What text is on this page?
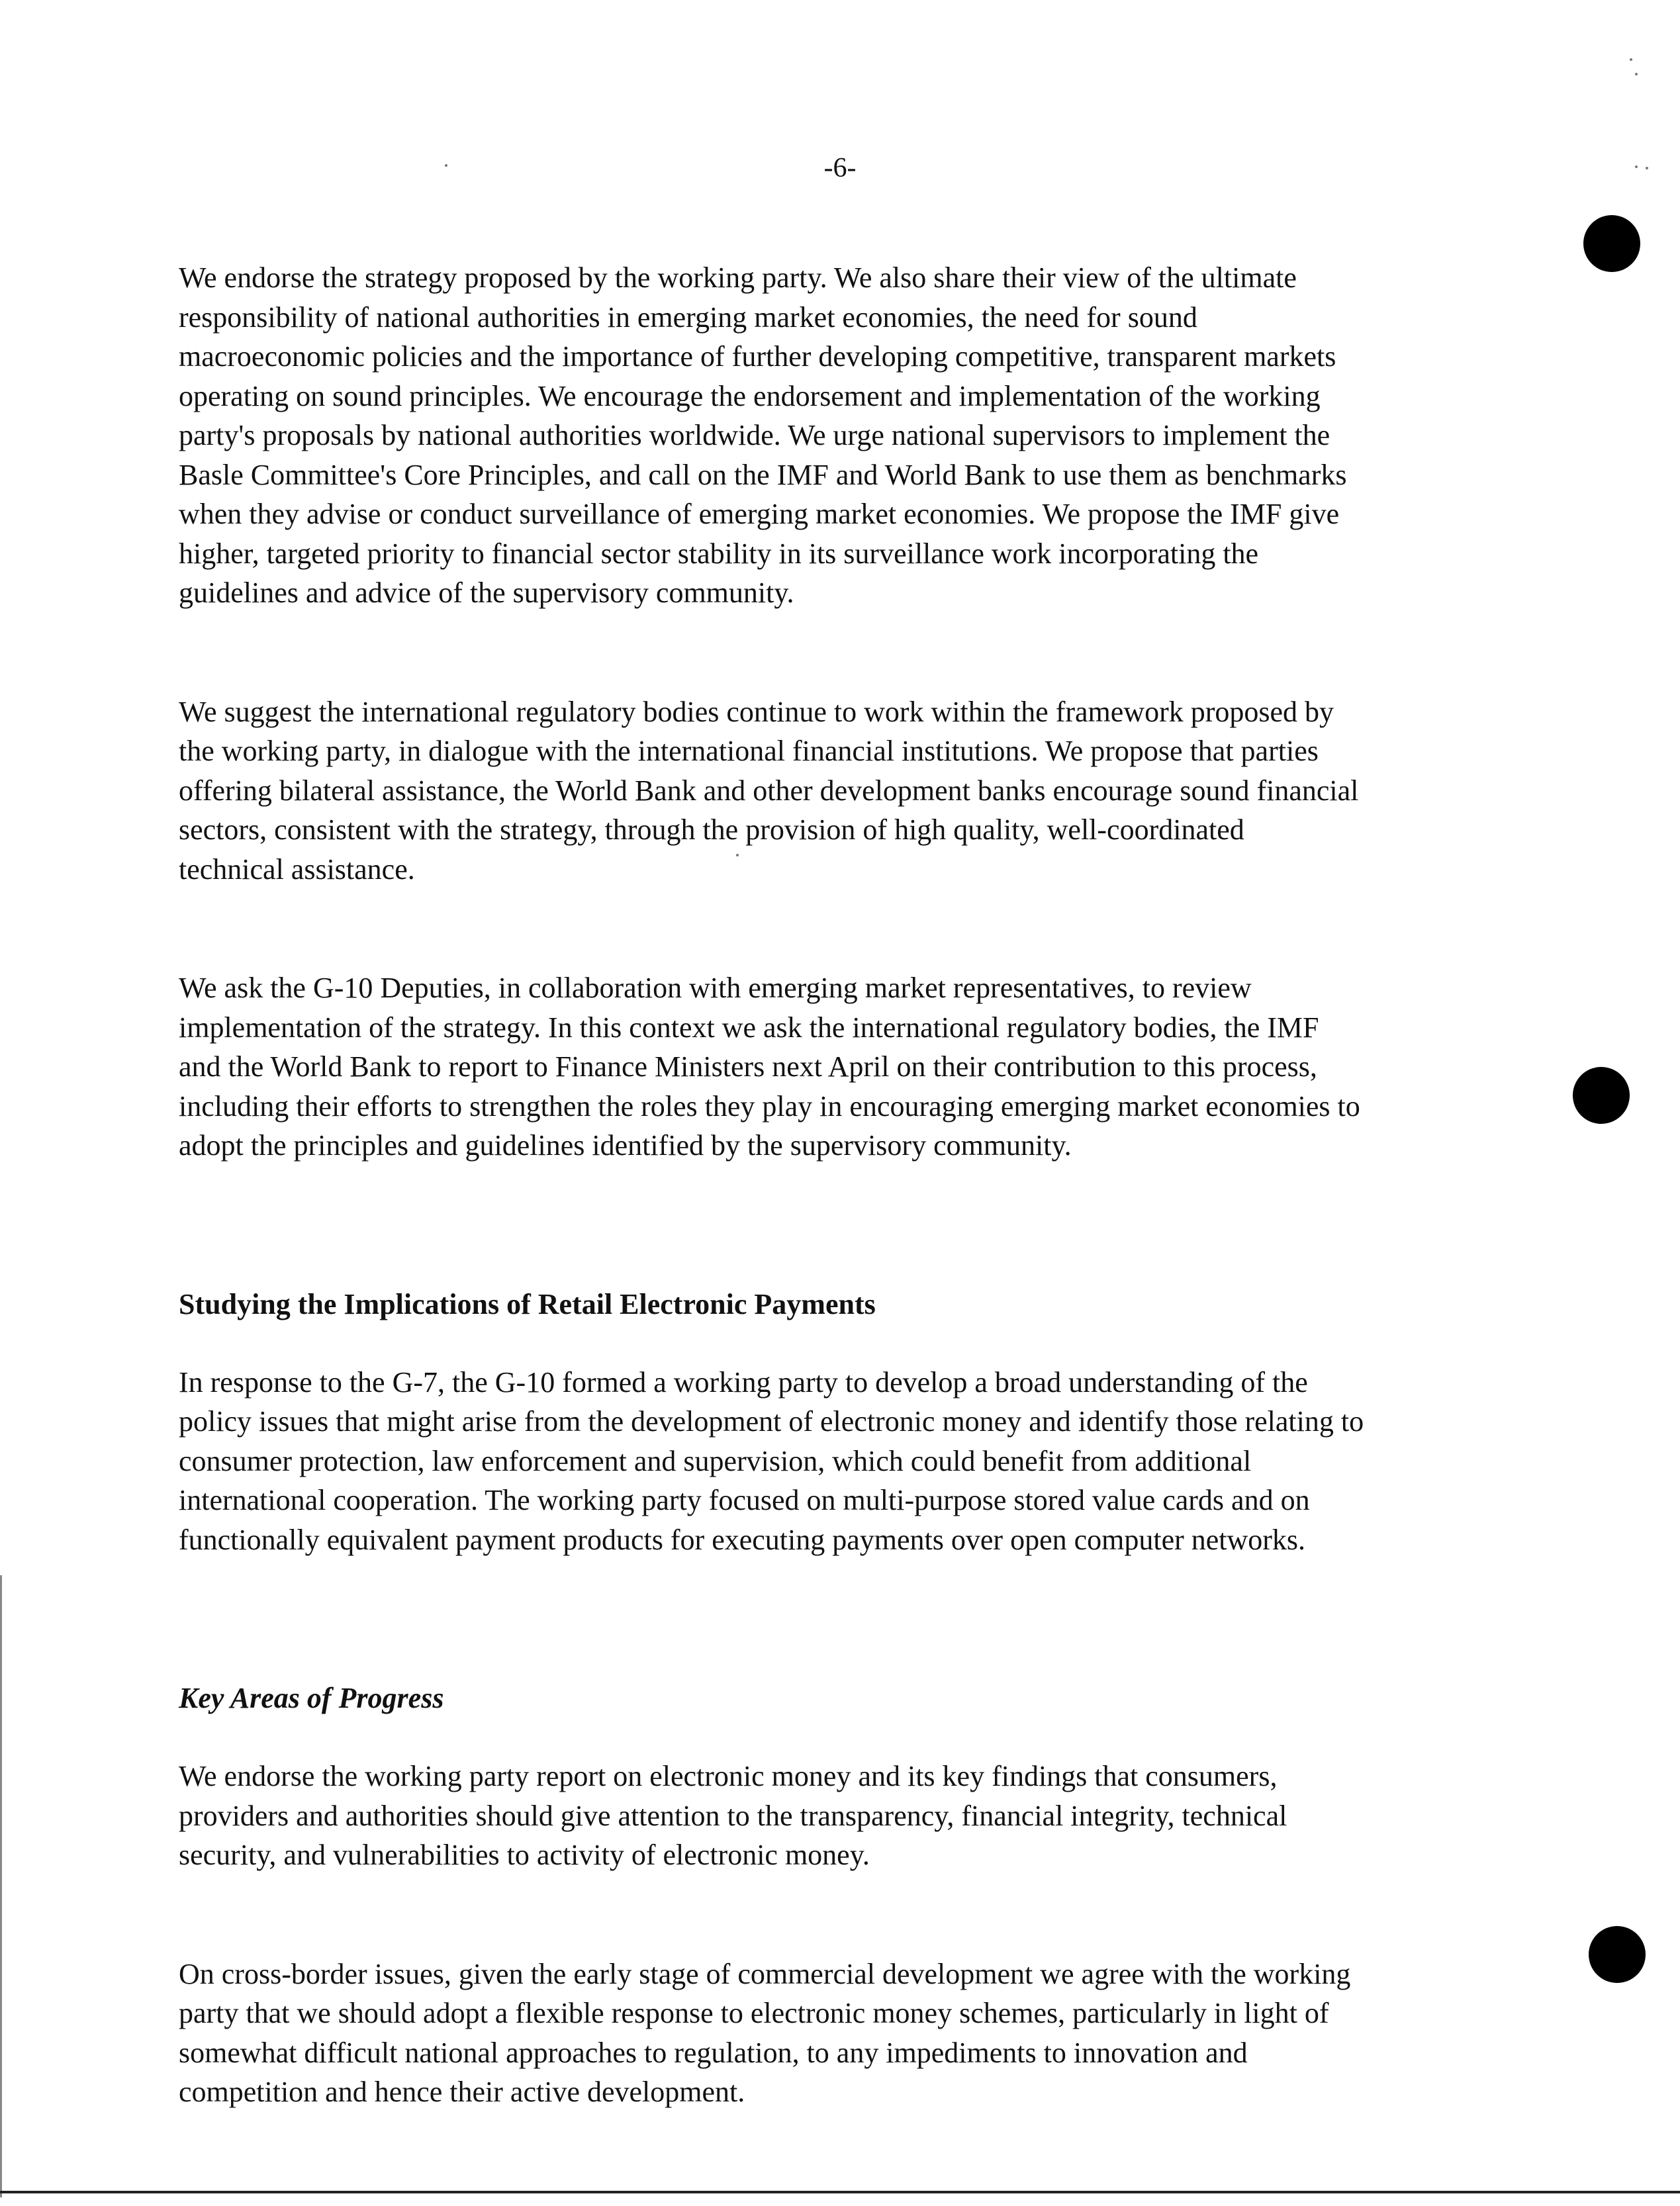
-6-

We endorse the strategy proposed by the working party. We also share their view of the ultimate
responsibility of national authorities in emerging market economies, the need for sound
macroeconomic policies and the importance of further developing competitive, transparent markets
operating on sound principles. We encourage the endorsement and implementation of the working
party's proposals by national authorities worldwide. We urge national supervisors to implement the
Basle Committee's Core Principles, and call on the IMF and World Bank to use them as benchmarks
when they advise or conduct surveillance of emerging market economies. We propose the IMF give
higher, targeted priority to financial sector stability in its surveillance work incorporating the
guidelines and advice of the supervisory community.

We suggest the international regulatory bodies continue to work within the framework proposed by
the working party, in dialogue with the international financial institutions. We propose that parties
offering bilateral assistance, the World Bank and other development banks encourage sound financial
sectors, consistent with the strategy, through the provision of high quality, well-coordinated
technical assistance.

We ask the G-10 Deputies, in collaboration with emerging market representatives, to review
implementation of the strategy. In this context we ask the international regulatory bodies, the IMF
and the World Bank to report to Finance Ministers next April on their contribution to this process,
including their efforts to strengthen the roles they play in encouraging emerging market economies to
adopt the principles and guidelines identified by the supervisory community.

Studying the Implications of Retail Electronic Payments

In response to the G-7, the G-10 formed a working party to develop a broad understanding of the
policy issues that might arise from the development of electronic money and identify those relating to
consumer protection, law enforcement and supervision, which could benefit from additional
international cooperation. The working party focused on multi-purpose stored value cards and on
functionally equivalent payment products for executing payments over open computer networks.

Key Areas of Progress

We endorse the working party report on electronic money and its key findings that consumers,
providers and authorities should give attention to the transparency, financial integrity, technical
security, and vulnerabilities to activity of electronic money.

On cross-border issues, given the early stage of commercial development we agree with the working
party that we should adopt a flexible response to electronic money schemes, particularly in light of
somewhat difficult national approaches to regulation, to any impediments to innovation and
competition and hence their active development.
